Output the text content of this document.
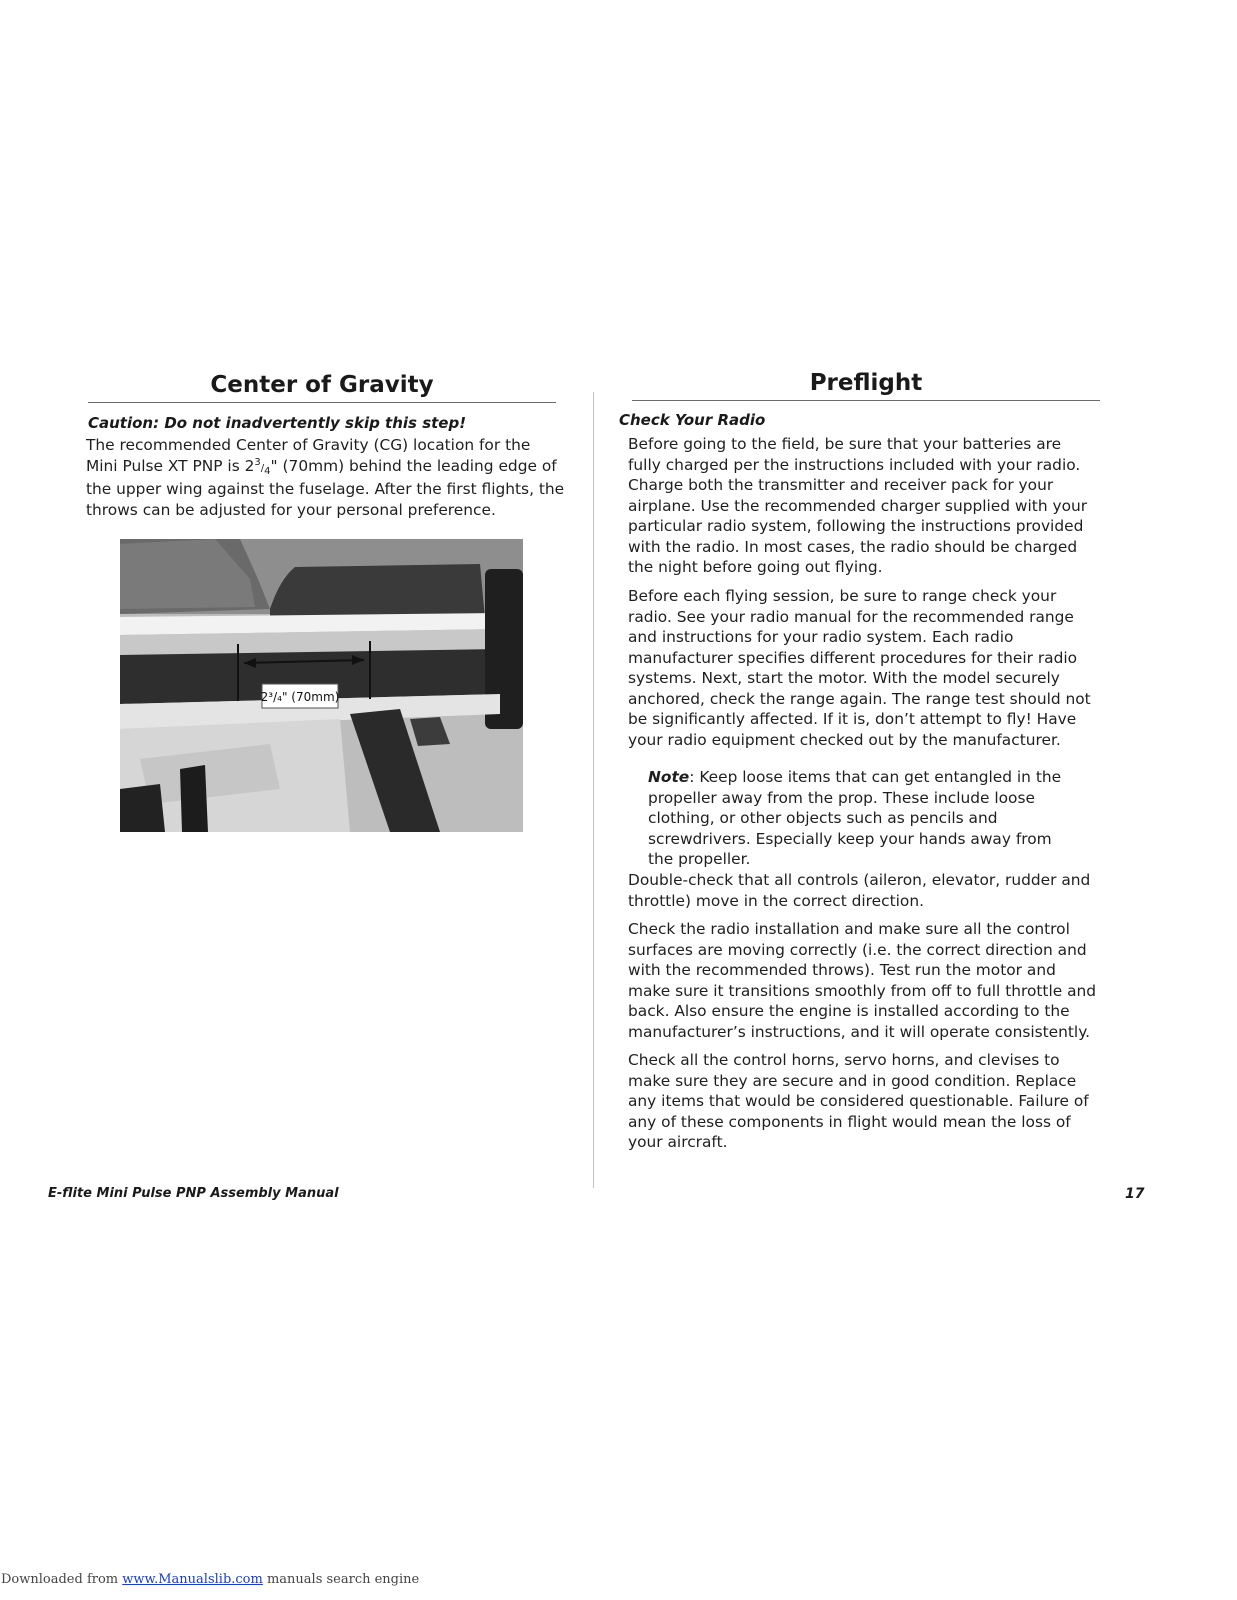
Center of Gravity

Caution: Do not inadvertently skip this step!

The recommended Center of Gravity (CG) location for the Mini Pulse XT PNP is 23/4" (70mm) behind the leading edge of the upper wing against the fuselage. After the first flights, the throws can be adjusted for your personal preference.

2³/₄" (70mm)
Preflight

Check Your Radio

Before going to the field, be sure that your batteries are fully charged per the instructions included with your radio. Charge both the transmitter and receiver pack for your airplane. Use the recommended charger supplied with your particular radio system, following the instructions provided with the radio. In most cases, the radio should be charged the night before going out flying.

Before each flying session, be sure to range check your radio. See your radio manual for the recommended range and instructions for your radio system. Each radio manufacturer specifies different procedures for their radio systems. Next, start the motor. With the model securely anchored, check the range again. The range test should not be significantly affected. If it is, don’t attempt to fly! Have your radio equipment checked out by the manufacturer.

Note: Keep loose items that can get entangled in the propeller away from the prop. These include loose clothing, or other objects such as pencils and screwdrivers. Especially keep your hands away from the propeller.

Double-check that all controls (aileron, elevator, rudder and throttle) move in the correct direction.

Check the radio installation and make sure all the control surfaces are moving correctly (i.e. the correct direction and with the recommended throws). Test run the motor and make sure it transitions smoothly from off to full throttle and back. Also ensure the engine is installed according to the manufacturer’s instructions, and it will operate consistently.

Check all the control horns, servo horns, and clevises to make sure they are secure and in good condition. Replace any items that would be considered questionable. Failure of any of these components in flight would mean the loss of your aircraft.

E-flite Mini Pulse PNP Assembly Manual	17

Downloaded from www.Manualslib.com manuals search engine
